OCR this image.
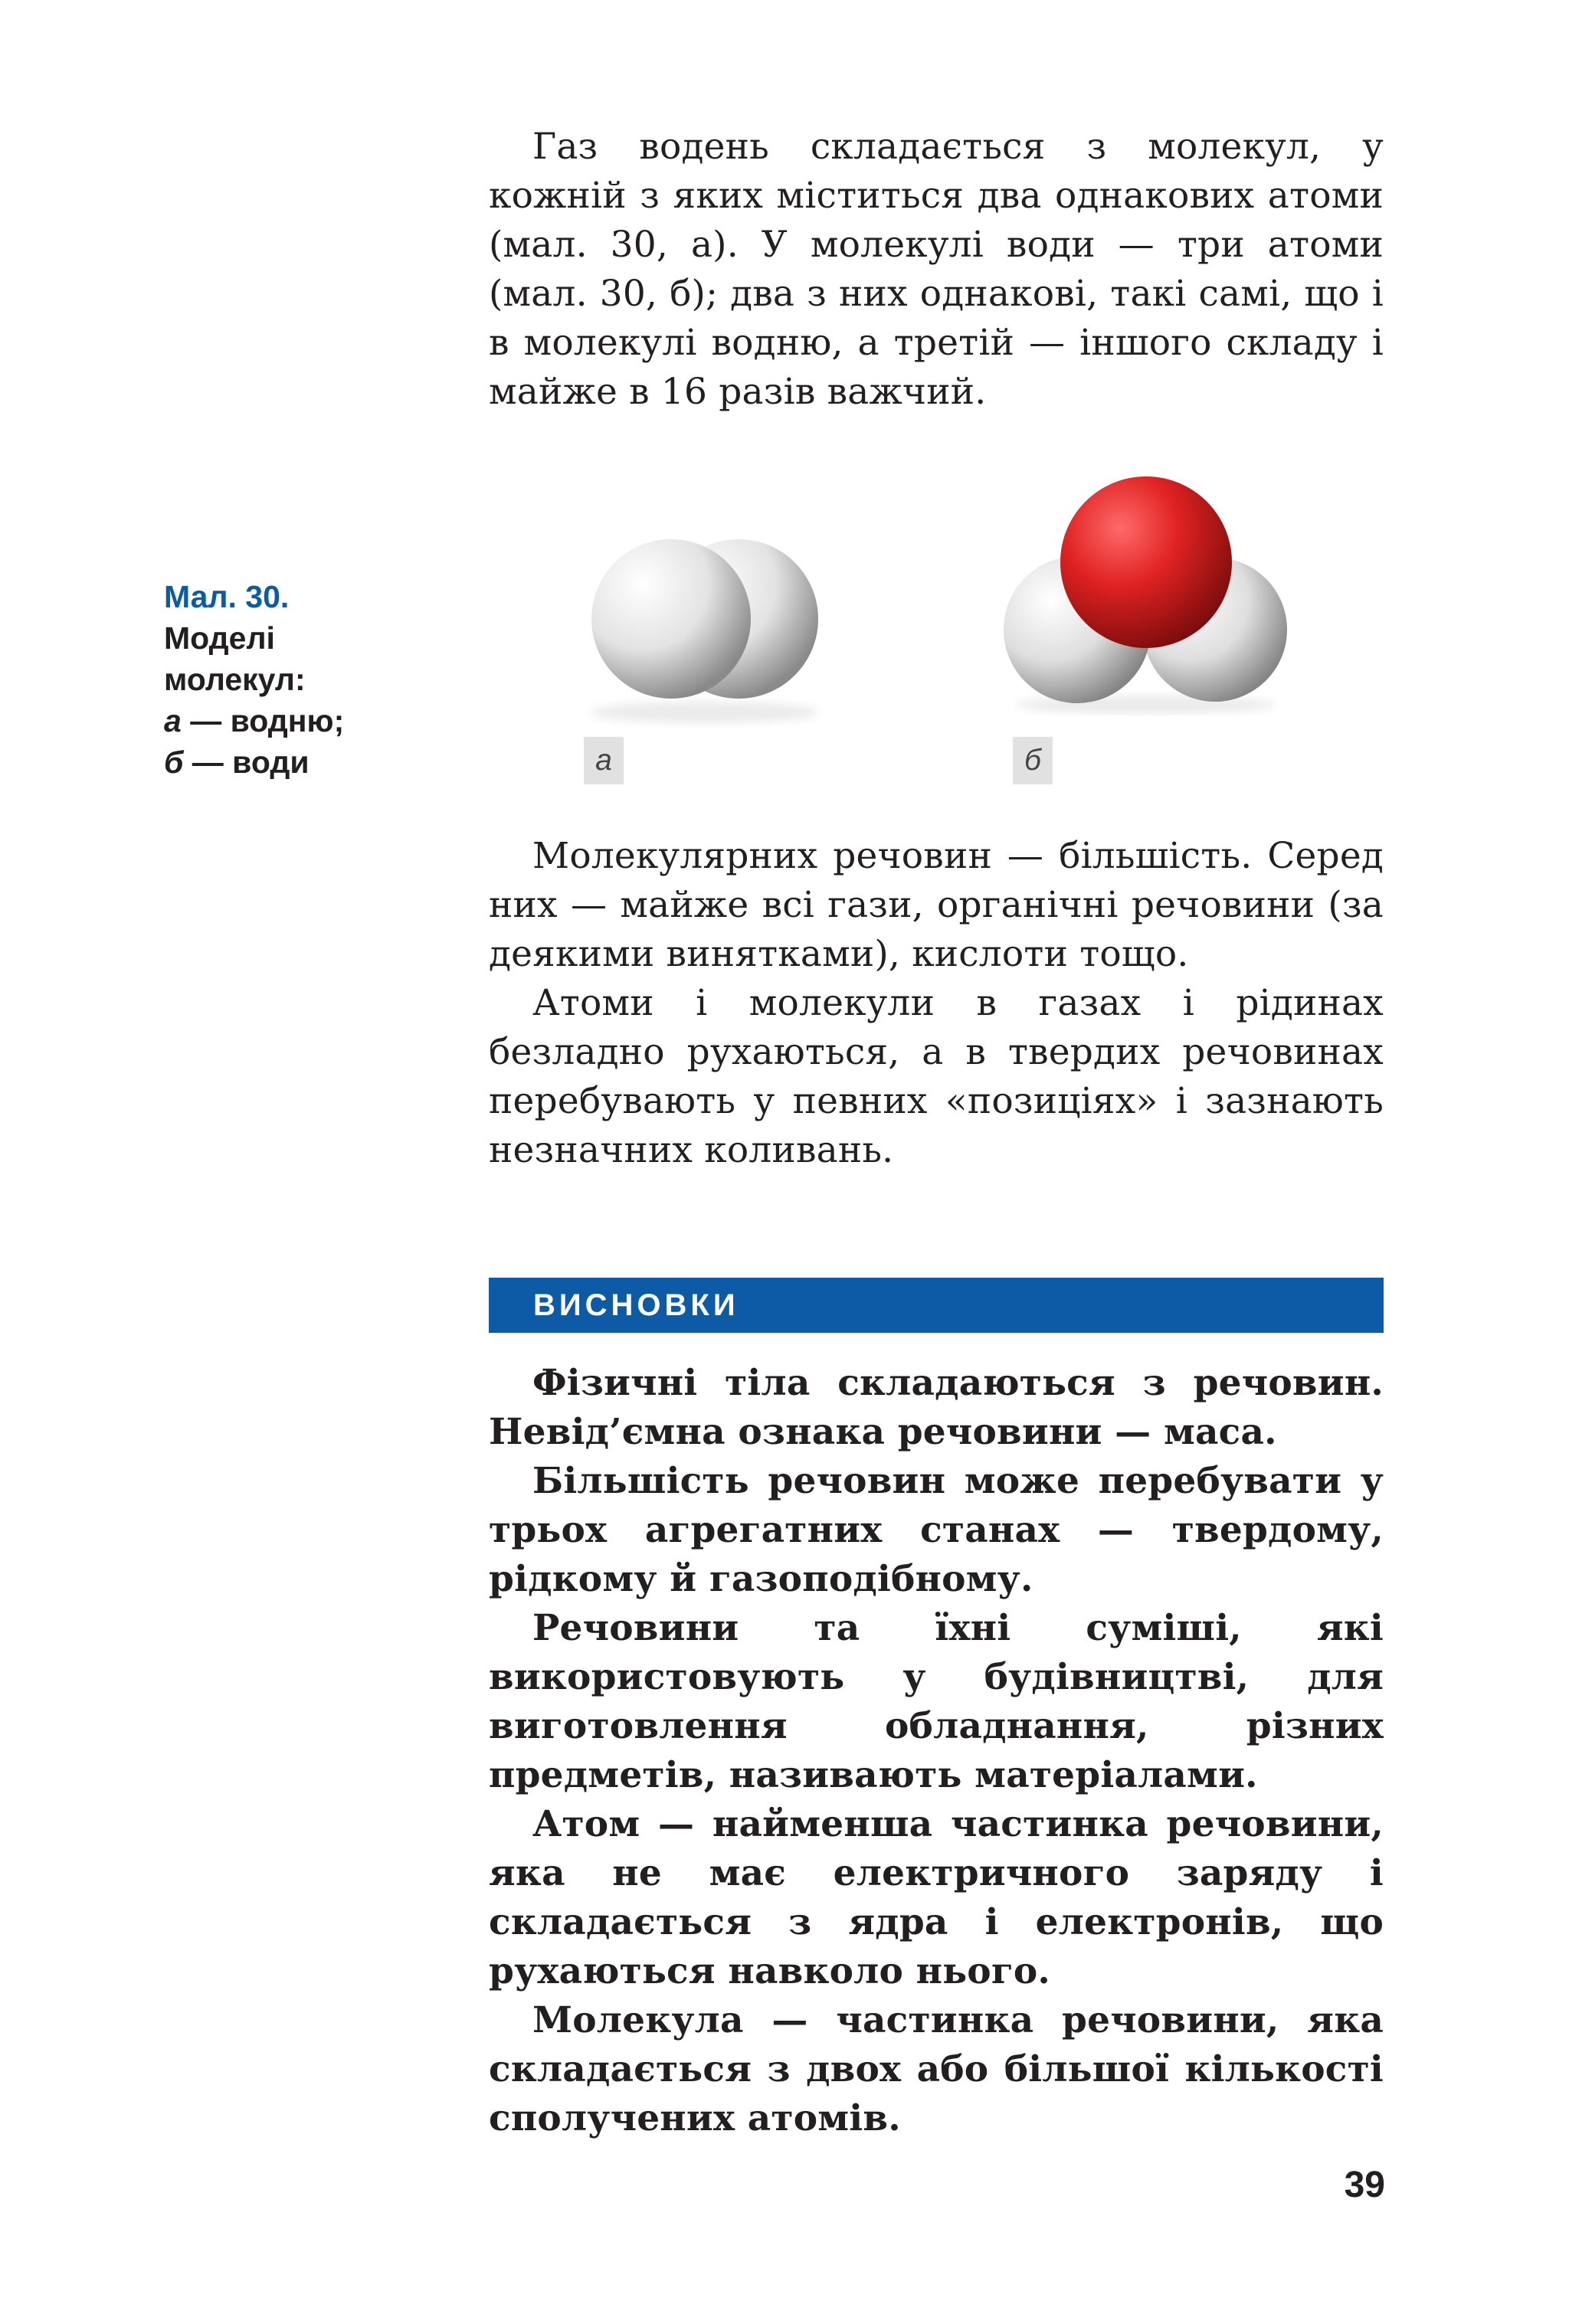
Газ водень складається з молекул, у кожній з яких міститься два однакових атоми (мал. 30, а). У молекулі води — три атоми (мал. 30, б); два з них однакові, такі самі, що і в молекулі водню, а третій — іншого складу і майже в 16 разів важчий.

Мал. 30.
Моделі
молекул:
а — водню;
б — води	а	б

Молекулярних речовин — більшість. Серед них — майже всі гази, органічні речовини (за деякими винятками), кислоти тощо.

Атоми і молекули в газах і рідинах безладно рухаються, а в твердих речовинах перебувають у певних «позиціях» і зазнають незначних коливань.

ВИСНОВКИ

Фізичні тіла складаються з речовин. Невід’ємна ознака речовини — маса.

Більшість речовин може перебувати у трьох агрегатних станах — твердому, рідкому й газоподібному.

Речовини та їхні суміші, які використовують у будівництві, для виготовлення обладнання, різних предметів, називають матеріалами.

Атом — найменша частинка речовини, яка не має електричного заряду і складається з ядра і електронів, що рухаються навколо нього.

Молекула — частинка речовини, яка складається з двох або більшої кількості сполучених атомів.

39
